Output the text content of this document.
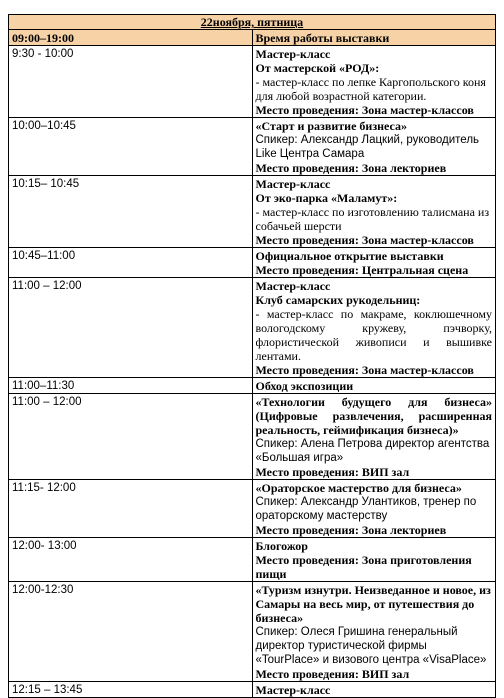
22ноября, пятница	
09:00–19:00	Время работы выставки
9:30 - 10:00	Мастер-класс
От мастерской «РОД»:
- мастер-класс по лепке Каргопольского коня для любой возрастной категории.
Место проведения: Зона мастер-классов

10:00–10:45	«Старт и развитие бизнеса»
Спикер: Александр Лацкий, руководитель Like Центра Самара
Место проведения: Зона лекториев

10:15– 10:45	Мастер-класс
От эко-парка «Маламут»:
- мастер-класс по изготовлению талисмана из собачьей шерсти
Место проведения: Зона мастер-классов

10:45–11:00	Официальное открытие выставки
Место проведения: Центральная сцена

11:00 – 12:00	Мастер-класс
Клуб самарских рукодельниц:
- мастер-класс по макраме, коклюшечному вологодскому кружеву, пэчворку, флористической живописи и вышивке лентами.
Место проведения: Зона мастер-классов

11:00–11:30	Обход экспозиции

11:00 – 12:00	«Технологии будущего для бизнеса» (Цифровые развлечения, расширенная реальность, геймификация бизнеса)»
Спикер: Алена Петрова директор агентства «Большая игра»
Место проведения: ВИП зал

11:15- 12:00	«Ораторское мастерство для бизнеса»
Спикер: Александр Улантиков, тренер по ораторскому мастерству
Место проведения: Зона лекториев

12:00- 13:00	Блогожор
Место проведения: Зона приготовления пищи

12:00-12:30	«Туризм изнутри. Неизведанное и новое, из Самары на весь мир, от путешествия до бизнеса»
Спикер: Олеся Гришина генеральный директор туристической фирмы «TourPlace» и визового центра «VisaPlace»
Место проведения: ВИП зал

12:15 – 13:45	Мастер-класс
